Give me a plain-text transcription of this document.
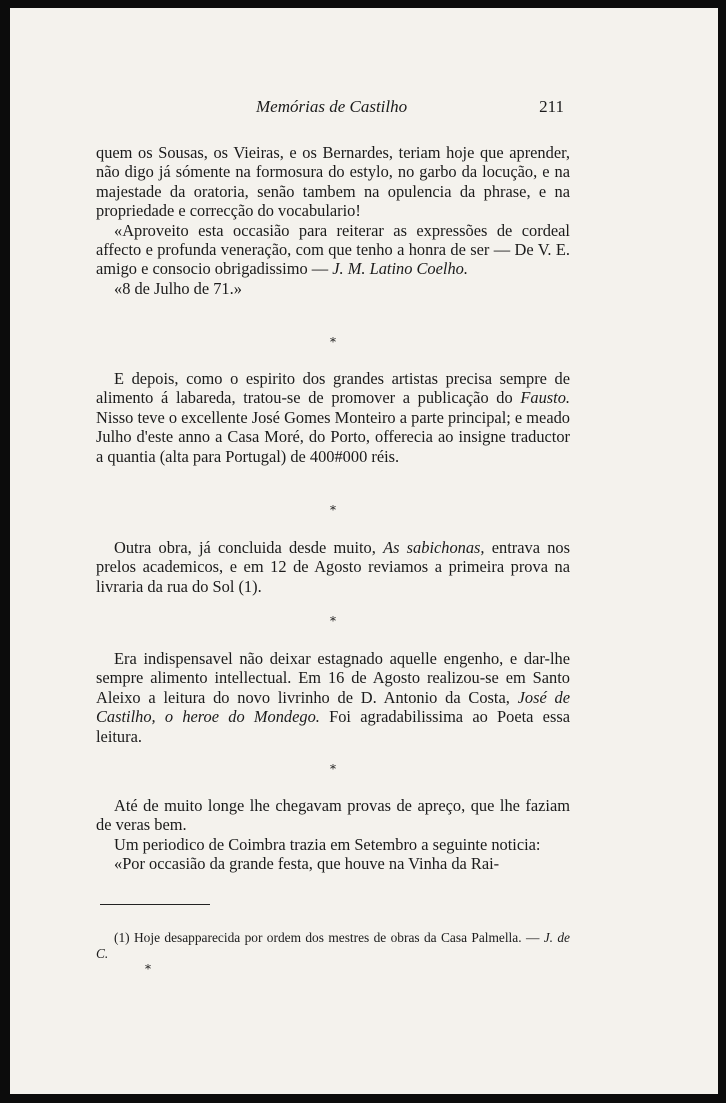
Memórias de Castilho	211

quem os Sousas, os Vieiras, e os Bernardes, teriam hoje que aprender, não digo já sómente na formosura do estylo, no garbo da locução, e na majestade da oratoria, senão tambem na opulencia da phrase, e na propriedade e correcção do vocabulario!

«Aproveito esta occasião para reiterar as expressões de cordeal affecto e profunda veneração, com que tenho a honra de ser — De V. E. amigo e consocio obrigadissimo — J. M. Latino Coelho.

«8 de Julho de 71.»

*

E depois, como o espirito dos grandes artistas precisa sempre de alimento á labareda, tratou-se de promover a publicação do Fausto. Nisso teve o excellente José Gomes Monteiro a parte principal; e meado Julho d'este anno a Casa Moré, do Porto, offerecia ao insigne traductor a quantia (alta para Portugal) de 400#000 réis.

*

Outra obra, já concluida desde muito, As sabichonas, entrava nos prelos academicos, e em 12 de Agosto reviamos a primeira prova na livraria da rua do Sol (1).

*

Era indispensavel não deixar estagnado aquelle engenho, e dar-lhe sempre alimento intellectual. Em 16 de Agosto realizou-se em Santo Aleixo a leitura do novo livrinho de D. Antonio da Costa, José de Castilho, o heroe do Mondego. Foi agradabilissima ao Poeta essa leitura.

*

Até de muito longe lhe chegavam provas de apreço, que lhe faziam de veras bem.

Um periodico de Coimbra trazia em Setembro a seguinte noticia:

«Por occasião da grande festa, que houve na Vinha da Rai-

(1) Hoje desapparecida por ordem dos mestres de obras da Casa Palmella. — J. de C.

*
